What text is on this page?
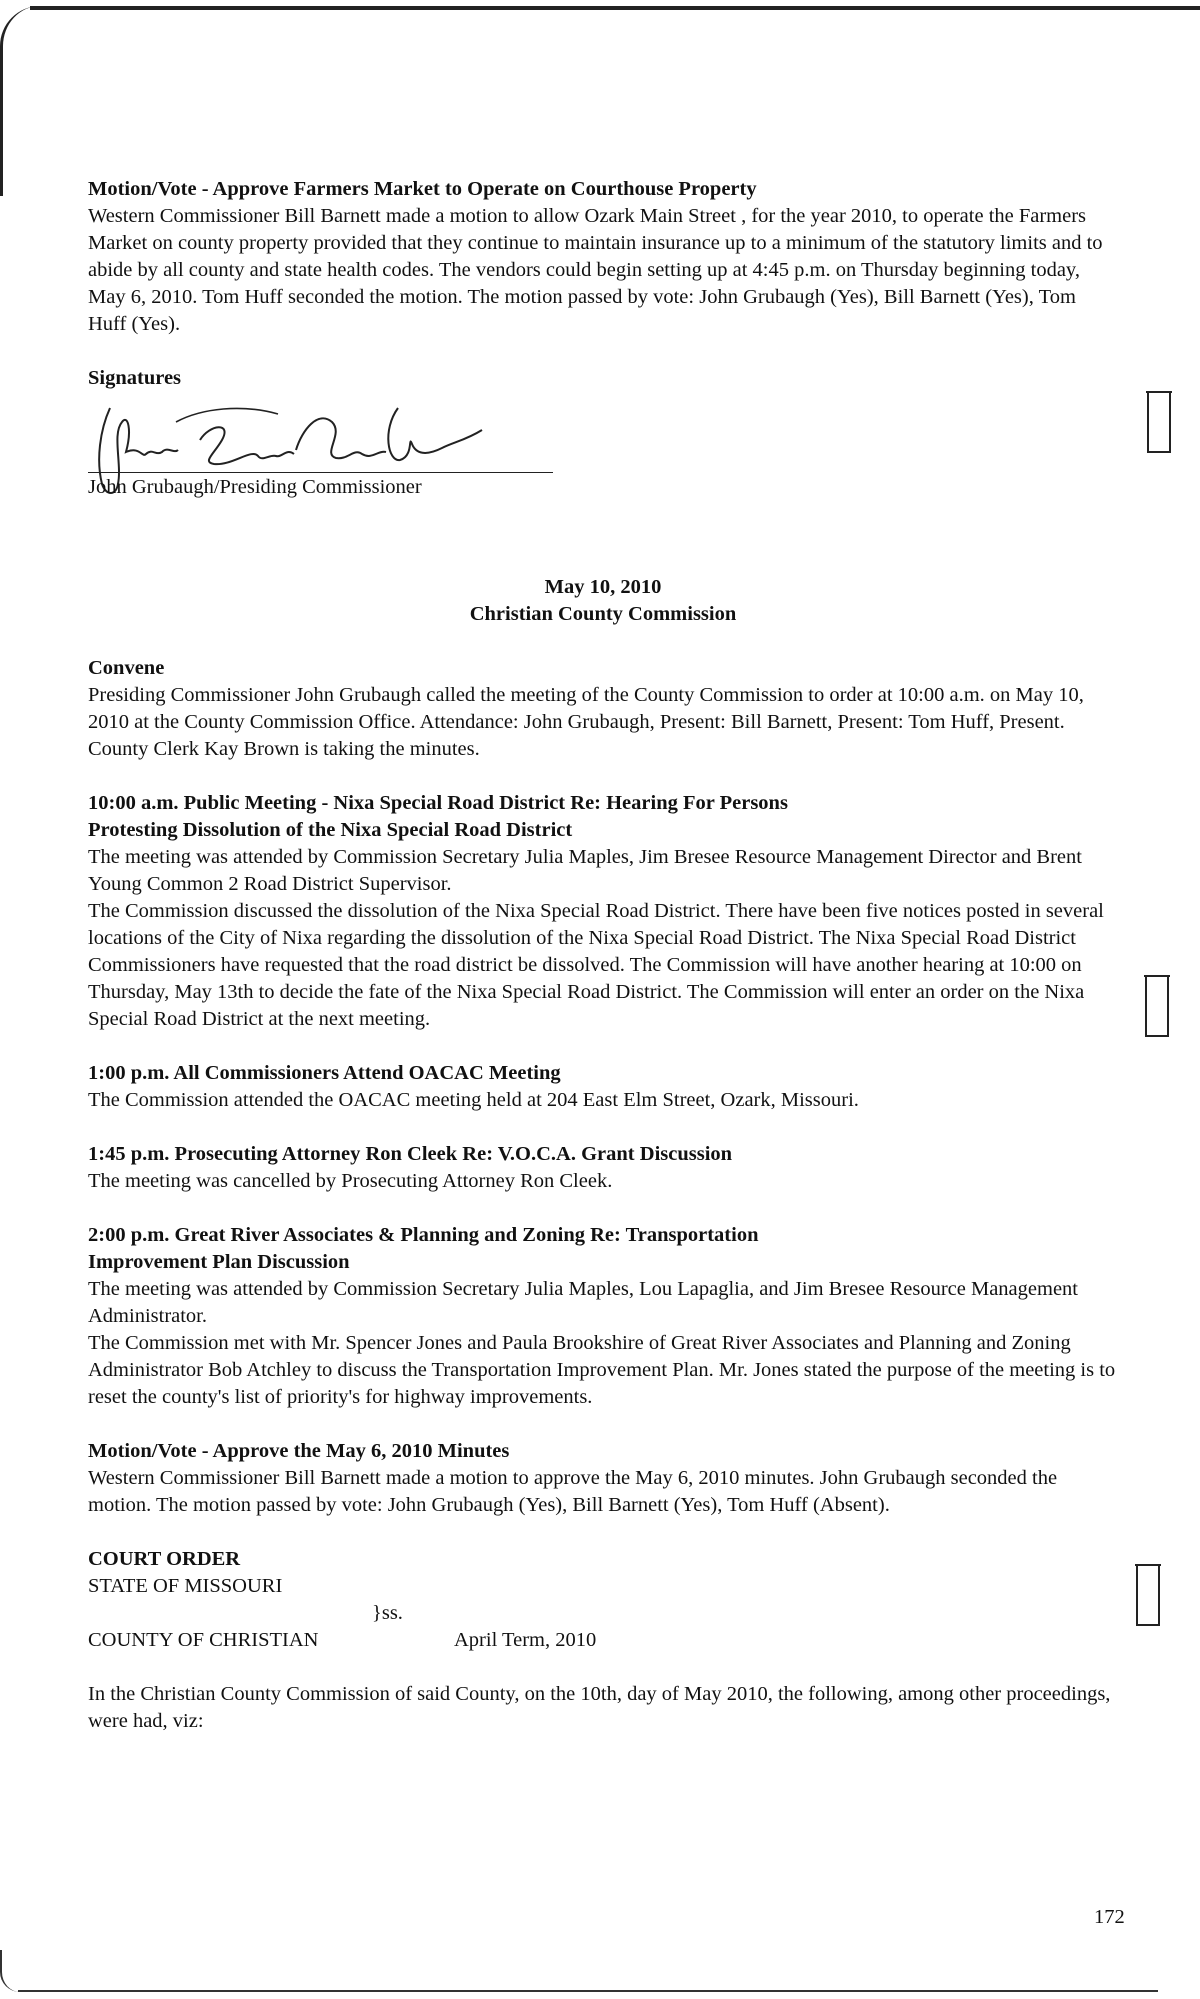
Motion/Vote - Approve Farmers Market to Operate on Courthouse Property

Western Commissioner Bill Barnett made a motion to allow Ozark Main Street , for the year 2010, to operate the Farmers Market on county property provided that they continue to maintain insurance up to a minimum of the statutory limits and to abide by all county and state health codes. The vendors could begin setting up at 4:45 p.m. on Thursday beginning today, May 6, 2010. Tom Huff seconded the motion. The motion passed by vote: John Grubaugh (Yes), Bill Barnett (Yes), Tom Huff (Yes).

Signatures
John Grubaugh/Presiding Commissioner
May 10, 2010
Christian County Commission
Convene

Presiding Commissioner John Grubaugh called the meeting of the County Commission to order at 10:00 a.m. on May 10, 2010 at the County Commission Office. Attendance: John Grubaugh, Present: Bill Barnett, Present: Tom Huff, Present. County Clerk Kay Brown is taking the minutes.

10:00 a.m. Public Meeting - Nixa Special Road District Re: Hearing For Persons
Protesting Dissolution of the Nixa Special Road District

The meeting was attended by Commission Secretary Julia Maples, Jim Bresee Resource Management Director and Brent Young Common 2 Road District Supervisor.

The Commission discussed the dissolution of the Nixa Special Road District. There have been five notices posted in several locations of the City of Nixa regarding the dissolution of the Nixa Special Road District. The Nixa Special Road District Commissioners have requested that the road district be dissolved. The Commission will have another hearing at 10:00 on Thursday, May 13th to decide the fate of the Nixa Special Road District. The Commission will enter an order on the Nixa Special Road District at the next meeting.

1:00 p.m. All Commissioners Attend OACAC Meeting

The Commission attended the OACAC meeting held at 204 East Elm Street, Ozark, Missouri.

1:45 p.m. Prosecuting Attorney Ron Cleek Re: V.O.C.A. Grant Discussion

The meeting was cancelled by Prosecuting Attorney Ron Cleek.

2:00 p.m. Great River Associates & Planning and Zoning Re: Transportation
Improvement Plan Discussion

The meeting was attended by Commission Secretary Julia Maples, Lou Lapaglia, and Jim Bresee Resource Management Administrator.

The Commission met with Mr. Spencer Jones and Paula Brookshire of Great River Associates and Planning and Zoning Administrator Bob Atchley to discuss the Transportation Improvement Plan. Mr. Jones stated the purpose of the meeting is to reset the county's list of priority's for highway improvements.

Motion/Vote - Approve the May 6, 2010 Minutes

Western Commissioner Bill Barnett made a motion to approve the May 6, 2010 minutes. John Grubaugh seconded the motion. The motion passed by vote: John Grubaugh (Yes), Bill Barnett (Yes), Tom Huff (Absent).

COURT ORDER
STATE OF MISSOURI
}ss.
COUNTY OF CHRISTIAN	April Term, 2010

In the Christian County Commission of said County, on the 10th, day of May 2010, the following, among other proceedings, were had, viz:

172
